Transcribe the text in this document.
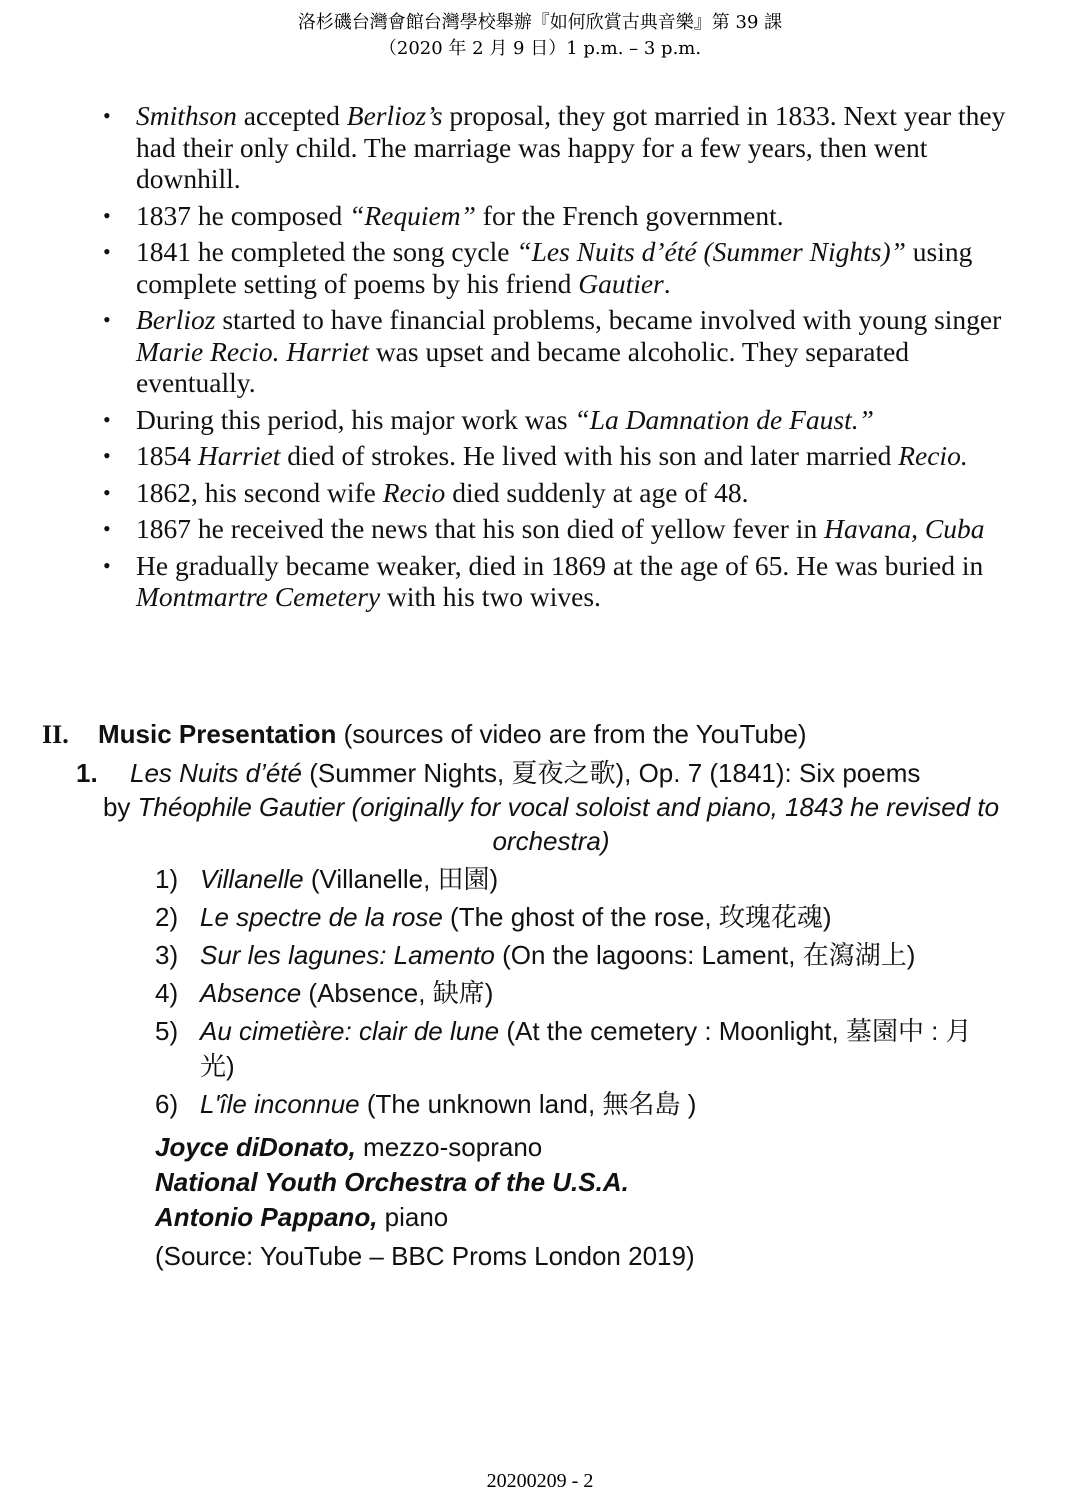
洛杉磯台灣會館台灣學校舉辦『如何欣賞古典音樂』第 39 課
（2020 年 2 月 9 日）1 p.m. – 3 p.m.
• Smithson accepted Berlioz’s proposal, they got married in 1833. Next year they had their only child. The marriage was happy for a few years, then went downhill.
• 1837 he composed “Requiem” for the French government.
• 1841 he completed the song cycle “Les Nuits d’été (Summer Nights)” using complete setting of poems by his friend Gautier.
• Berlioz started to have financial problems, became involved with young singer Marie Recio. Harriet was upset and became alcoholic. They separated eventually.
• During this period, his major work was “La Damnation de Faust.”
• 1854 Harriet died of strokes. He lived with his son and later married Recio.
• 1862, his second wife Recio died suddenly at age of 48.
• 1867 he received the news that his son died of yellow fever in Havana, Cuba
• He gradually became weaker, died in 1869 at the age of 65. He was buried in Montmartre Cemetery with his two wives.
II. Music Presentation (sources of video are from the YouTube)
1. Les Nuits d’été (Summer Nights, 夏夜之歌), Op. 7 (1841): Six poems
by Théophile Gautier (originally for vocal soloist and piano, 1843 he revised to orchestra)
1) Villanelle (Villanelle, 田園)
2) Le spectre de la rose (The ghost of the rose, 玫瑰花魂)
3) Sur les lagunes: Lamento (On the lagoons: Lament, 在瀉湖上)
4) Absence (Absence, 缺席)
5) Au cimetière: clair de lune (At the cemetery : Moonlight, 墓園中 : 月光)
6) L'île inconnue (The unknown land, 無名島 )
Joyce diDonato, mezzo-soprano
National Youth Orchestra of the U.S.A.
Antonio Pappano, piano
(Source: YouTube – BBC Proms London 2019)
20200209 - 2
